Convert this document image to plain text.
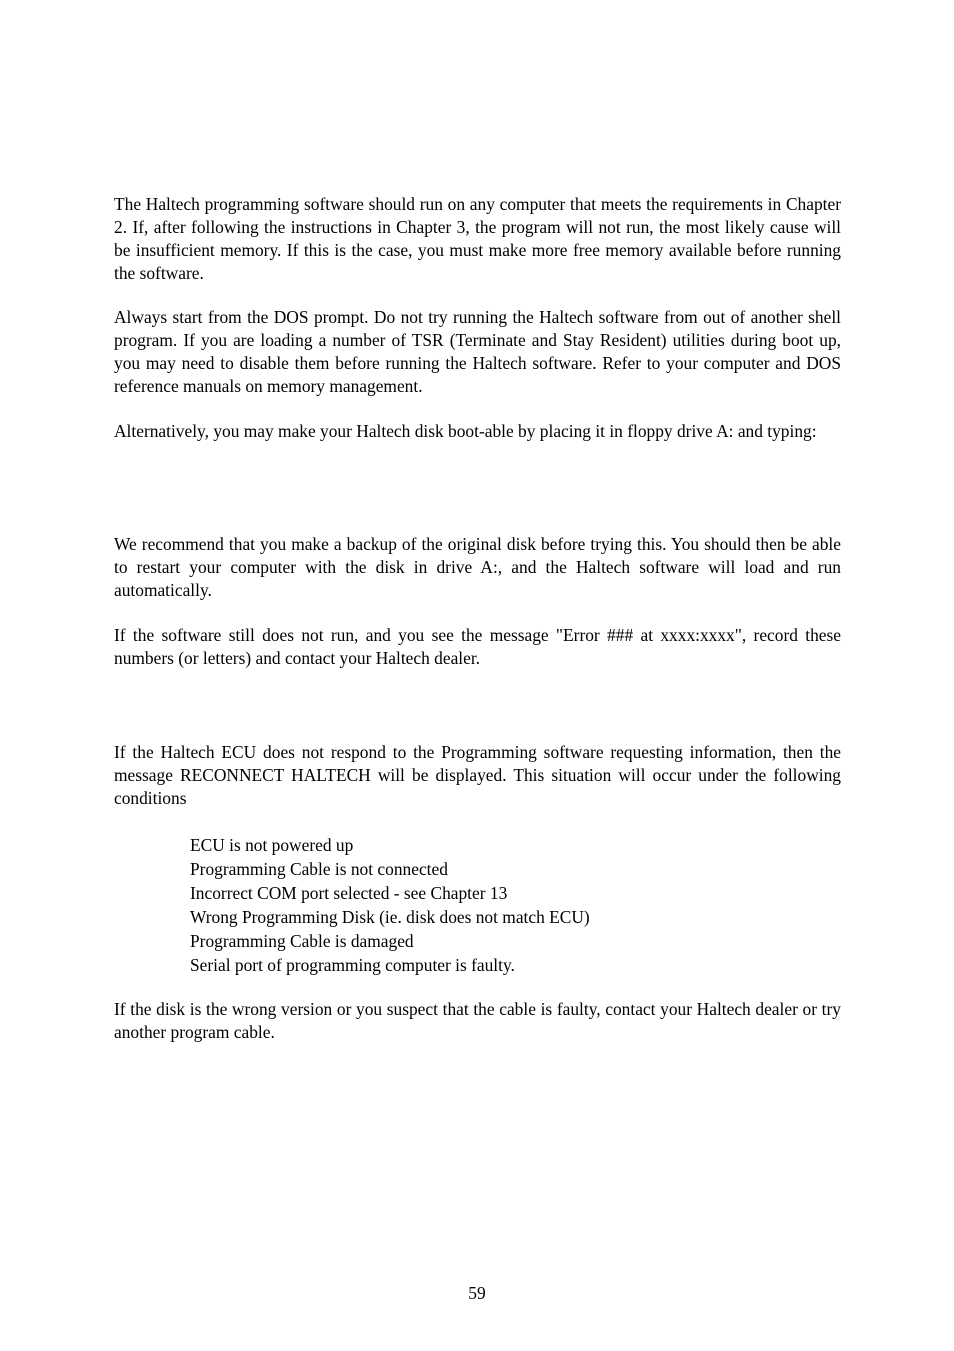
The Haltech programming software should run on any computer that meets the requirements in Chapter 2. If, after following the instructions in Chapter 3, the program will not run, the most likely cause will be insufficient memory. If this is the case, you must make more free memory available before running the software.

Always start from the DOS prompt. Do not try running the Haltech software from out of another shell program. If you are loading a number of TSR (Terminate and Stay Resident) utilities during boot up, you may need to disable them before running the Haltech software. Refer to your computer and DOS reference manuals on memory management.

Alternatively, you may make your Haltech disk boot-able by placing it in floppy drive A: and typing:

We recommend that you make a backup of the original disk before trying this. You should then be able to restart your computer with the disk in drive A:, and the Haltech software will load and run automatically.

If the software still does not run, and you see the message "Error ### at xxxx:xxxx", record these numbers (or letters) and contact your Haltech dealer.

If the Haltech ECU does not respond to the Programming software requesting information, then the message RECONNECT HALTECH will be displayed. This situation will occur under the following conditions

ECU is not powered up
Programming Cable is not connected
Incorrect COM port selected - see Chapter 13
Wrong Programming Disk (ie. disk does not match ECU)
Programming Cable is damaged
Serial port of programming computer is faulty.

If the disk is the wrong version or you suspect that the cable is faulty, contact your Haltech dealer or try another program cable.

59
